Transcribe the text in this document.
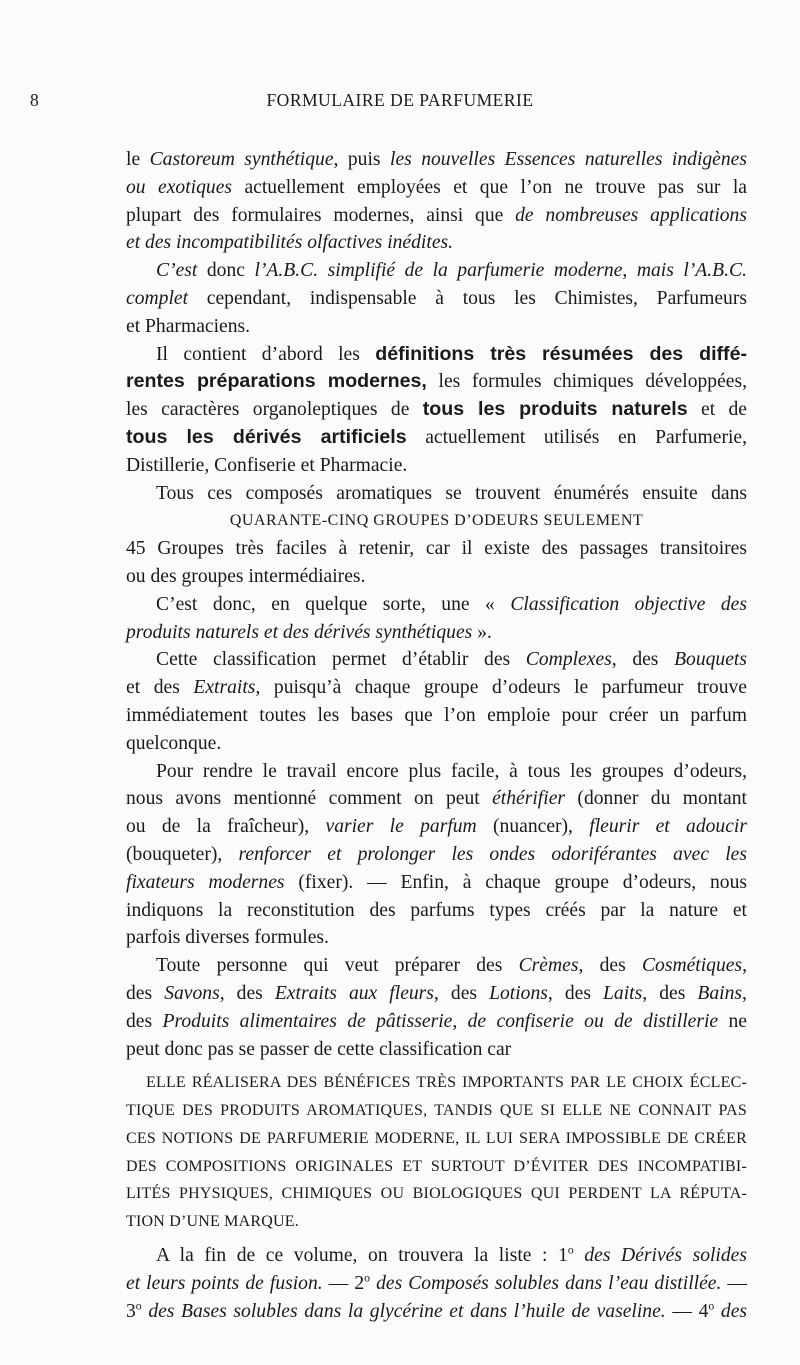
8	FORMULAIRE DE PARFUMERIE
le Castoreum synthétique, puis les nouvelles Essences naturelles indigènes
ou exotiques actuellement employées et que l’on ne trouve pas sur la
plupart des formulaires modernes, ainsi que de nombreuses applications
et des incompatibilités olfactives inédites.
C’est donc l’A.B.C. simplifié de la parfumerie moderne, mais l’A.B.C.
complet cependant, indispensable à tous les Chimistes, Parfumeurs
et Pharmaciens.
Il contient d’abord les définitions très résumées des diffé-
rentes préparations modernes, les formules chimiques développées,
les caractères organoleptiques de tous les produits naturels et de
tous les dérivés artificiels actuellement utilisés en Parfumerie,
Distillerie, Confiserie et Pharmacie.
Tous ces composés aromatiques se trouvent énumérés ensuite dans
QUARANTE-CINQ GROUPES D’ODEURS SEULEMENT
45 Groupes très faciles à retenir, car il existe des passages transitoires
ou des groupes intermédiaires.
C’est donc, en quelque sorte, une « Classification objective des
produits naturels et des dérivés synthétiques ».
Cette classification permet d’établir des Complexes, des Bouquets
et des Extraits, puisqu’à chaque groupe d’odeurs le parfumeur trouve
immédiatement toutes les bases que l’on emploie pour créer un parfum
quelconque.
Pour rendre le travail encore plus facile, à tous les groupes d’odeurs,
nous avons mentionné comment on peut éthérifier (donner du montant
ou de la fraîcheur), varier le parfum (nuancer), fleurir et adoucir
(bouqueter), renforcer et prolonger les ondes odoriférantes avec les
fixateurs modernes (fixer). — Enfin, à chaque groupe d’odeurs, nous
indiquons la reconstitution des parfums types créés par la nature et
parfois diverses formules.
Toute personne qui veut préparer des Crèmes, des Cosmétiques,
des Savons, des Extraits aux fleurs, des Lotions, des Laits, des Bains,
des Produits alimentaires de pâtisserie, de confiserie ou de distillerie ne
peut donc pas se passer de cette classification car
ELLE RÉALISERA DES BÉNÉFICES TRÈS IMPORTANTS PAR LE CHOIX ÉCLEC-
TIQUE DES PRODUITS AROMATIQUES, TANDIS QUE SI ELLE NE CONNAIT PAS
CES NOTIONS DE PARFUMERIE MODERNE, IL LUI SERA IMPOSSIBLE DE CRÉER
DES COMPOSITIONS ORIGINALES ET SURTOUT D’ÉVITER DES INCOMPATIBI-
LITÉS PHYSIQUES, CHIMIQUES OU BIOLOGIQUES QUI PERDENT LA RÉPUTA-
TION D’UNE MARQUE.
A la fin de ce volume, on trouvera la liste : 1$^o$ des Dérivés solides
et leurs points de fusion. — 2$^o$ des Composés solubles dans l’eau distillée. —
3$^o$ des Bases solubles dans la glycérine et dans l’huile de vaseline. — 4$^o$ des
